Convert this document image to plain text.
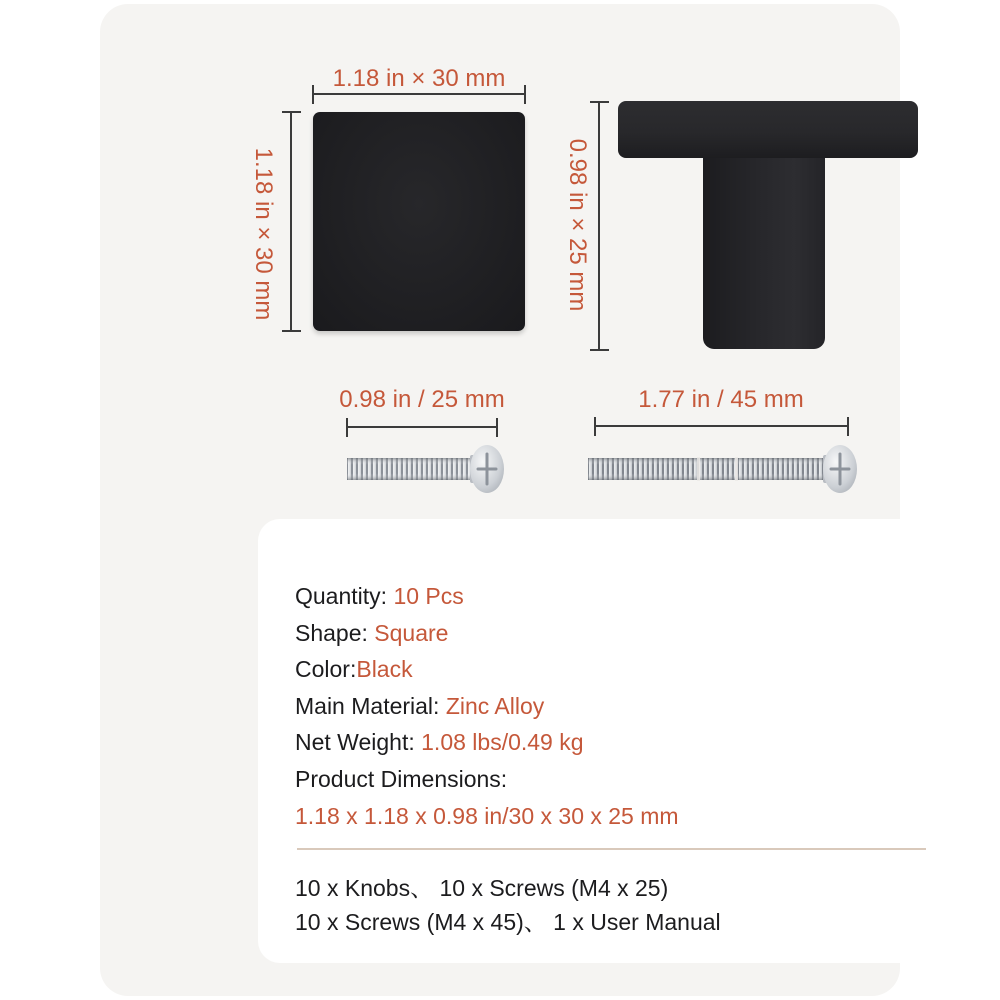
1.18 in × 30 mm
1.18 in × 30 mm	0.98 in × 25 mm
0.98 in / 25 mm	1.77 in / 45 mm
Quantity: 10 Pcs
Shape: Square
Color:Black
Main Material: Zinc Alloy
Net Weight: 1.08 lbs/0.49 kg
Product Dimensions:
1.18 x 1.18 x 0.98 in/30 x 30 x 25 mm
10 x Knobs、 10 x Screws (M4 x 25)
10 x Screws (M4 x 45)、 1 x User Manual
